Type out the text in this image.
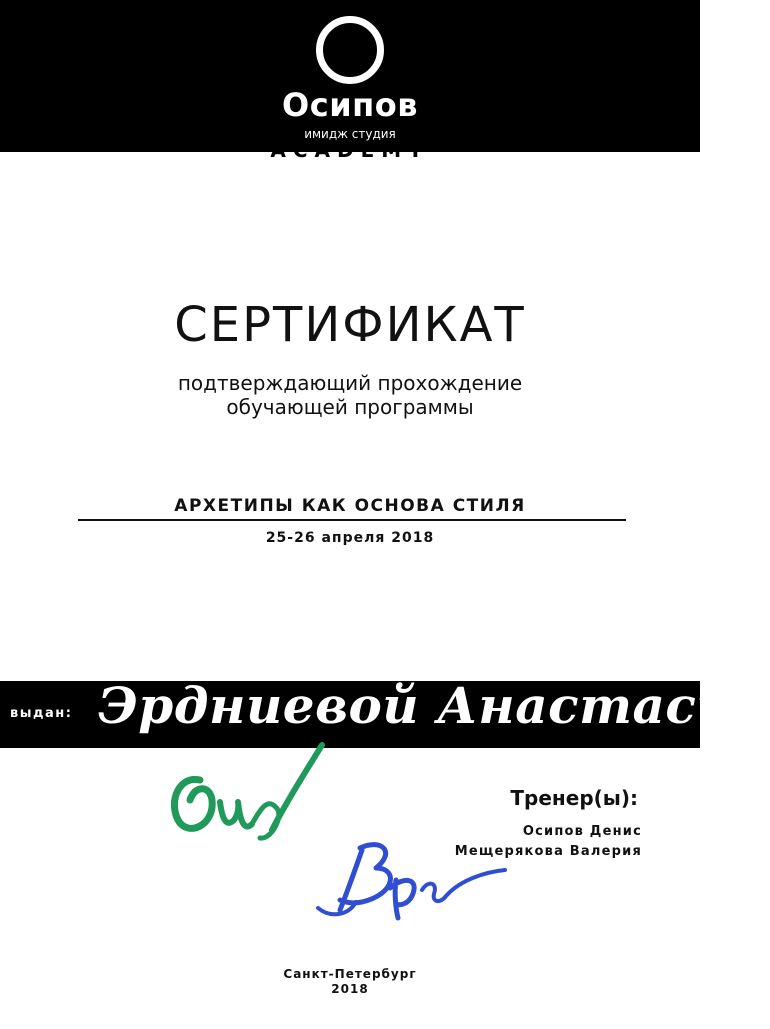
Осипов
имидж студия
ACADEMY
СЕРТИФИКАТ
подтверждающий прохождение
обучающей программы
АРХЕТИПЫ КАК ОСНОВА СТИЛЯ
25-26 апреля 2018
выдан: Эрдниевой Анастасии
Тренер(ы):
Осипов Денис
Мещерякова Валерия
Санкт-Петербург
2018
